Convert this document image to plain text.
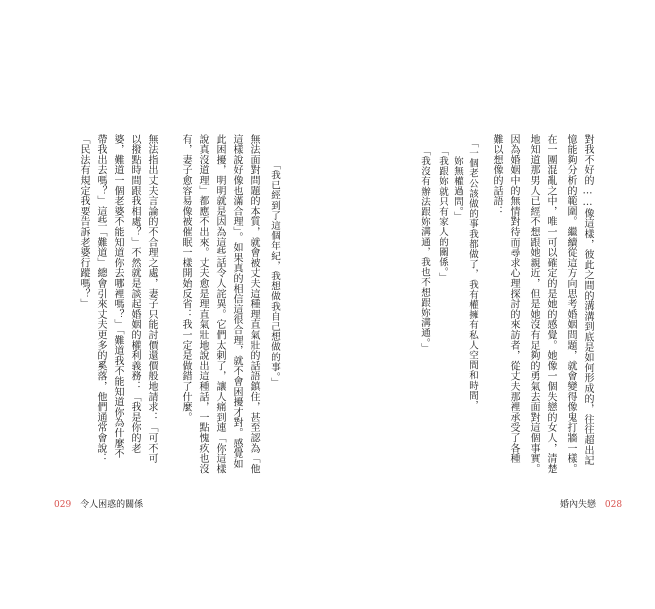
無法面對問題的本質，就會被丈夫這種理直氣壯的話語鎮住，甚至認為「他
這樣說好像也滿合理」。如果真的相信這很合理，就不會困擾才對。感覺如
此困擾，明明就是因為這些話令人詫異。它們太刺了，讓人痛到連「你這樣
說真沒道理」都應不出來。丈夫愈是理直氣壯地說出這種話，一點愧疚也沒
有，妻子愈容易像被催眠一樣開始反省：我一定是做錯了什麼。
無法指出丈夫言論的不合理之處，妻子只能討價還價般地請求：「可不可
以撥點時間跟我相處？」不然就是談起婚姻的權利義務：「我是你的老
婆，難道一個老婆不能知道你去哪裡嗎？」「難道我不能知道你為什麼不
帶我出去嗎？」這些「難道」總會引來丈夫更多的奚落，他們通常會說：
「民法有規定我要告訴老婆行蹤嗎？」	「我已經到了這個年紀，我想做我自己想做的事。」
029 令人困惑的關係
對我不好的……像這樣，彼此之間的溝溝到底是如何形成的，往往超出記
憶能夠分析的範圍。繼續從這方向思考婚姻問題，就會變得像鬼打牆一樣。
在一團混亂之中，唯一可以確定的是她的感覺。她像一個失戀的女人，清楚
地知道那男人已經不想跟她親近，但是她沒有足夠的勇氣去面對這個事實。
因為婚姻中的無情對待而尋求心理探討的來訪者，從丈夫那裡承受了各種
難以想像的話語：
「一個老公該做的事我都做了，我有權擁有私人空間和時間，
妳無權過問。」
「我跟妳就只有家人的關係。」
「我沒有辦法跟妳溝通，我也不想跟妳溝通。」
婚內失戀 028
